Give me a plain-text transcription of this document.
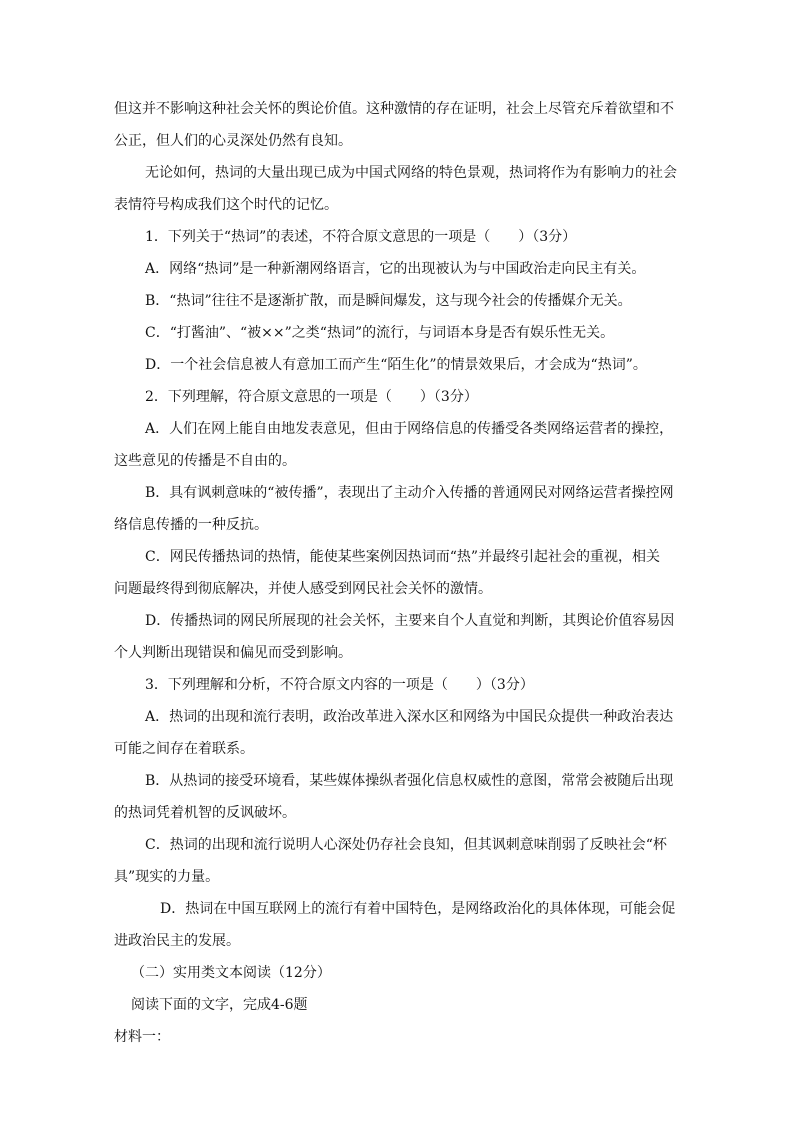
但这并不影响这种社会关怀的舆论价值。这种激情的存在证明，社会上尽管充斥着欲望和不
公正，但人们的心灵深处仍然有良知。
无论如何，热词的大量出现已成为中国式网络的特色景观，热词将作为有影响力的社会
表情符号构成我们这个时代的记忆。
1．下列关于“热词”的表述，不符合原文意思的一项是（　　）（3分）
A．网络“热词”是一种新潮网络语言，它的出现被认为与中国政治走向民主有关。
B．“热词”往往不是逐渐扩散，而是瞬间爆发，这与现今社会的传播媒介无关。
C．“打酱油”、“被××”之类“热词”的流行，与词语本身是否有娱乐性无关。
D．一个社会信息被人有意加工而产生“陌生化”的情景效果后，才会成为“热词”。
2．下列理解，符合原文意思的一项是（　　）（3分）
A．人们在网上能自由地发表意见，但由于网络信息的传播受各类网络运营者的操控，
这些意见的传播是不自由的。
B．具有讽刺意味的“被传播”，表现出了主动介入传播的普通网民对网络运营者操控网
络信息传播的一种反抗。
C．网民传播热词的热情，能使某些案例因热词而“热”并最终引起社会的重视，相关
问题最终得到彻底解决，并使人感受到网民社会关怀的激情。
D．传播热词的网民所展现的社会关怀，主要来自个人直觉和判断，其舆论价值容易因
个人判断出现错误和偏见而受到影响。
3．下列理解和分析，不符合原文内容的一项是（　　）（3分）
A．热词的出现和流行表明，政治改革进入深水区和网络为中国民众提供一种政治表达
可能之间存在着联系。
B．从热词的接受环境看，某些媒体操纵者强化信息权威性的意图，常常会被随后出现
的热词凭着机智的反讽破坏。
C．热词的出现和流行说明人心深处仍存社会良知，但其讽刺意味削弱了反映社会“杯
具”现实的力量。
D．热词在中国互联网上的流行有着中国特色，是网络政治化的具体体现，可能会促
进政治民主的发展。
（二）实用类文本阅读（12分）
阅读下面的文字，完成4-6题
材料一：
